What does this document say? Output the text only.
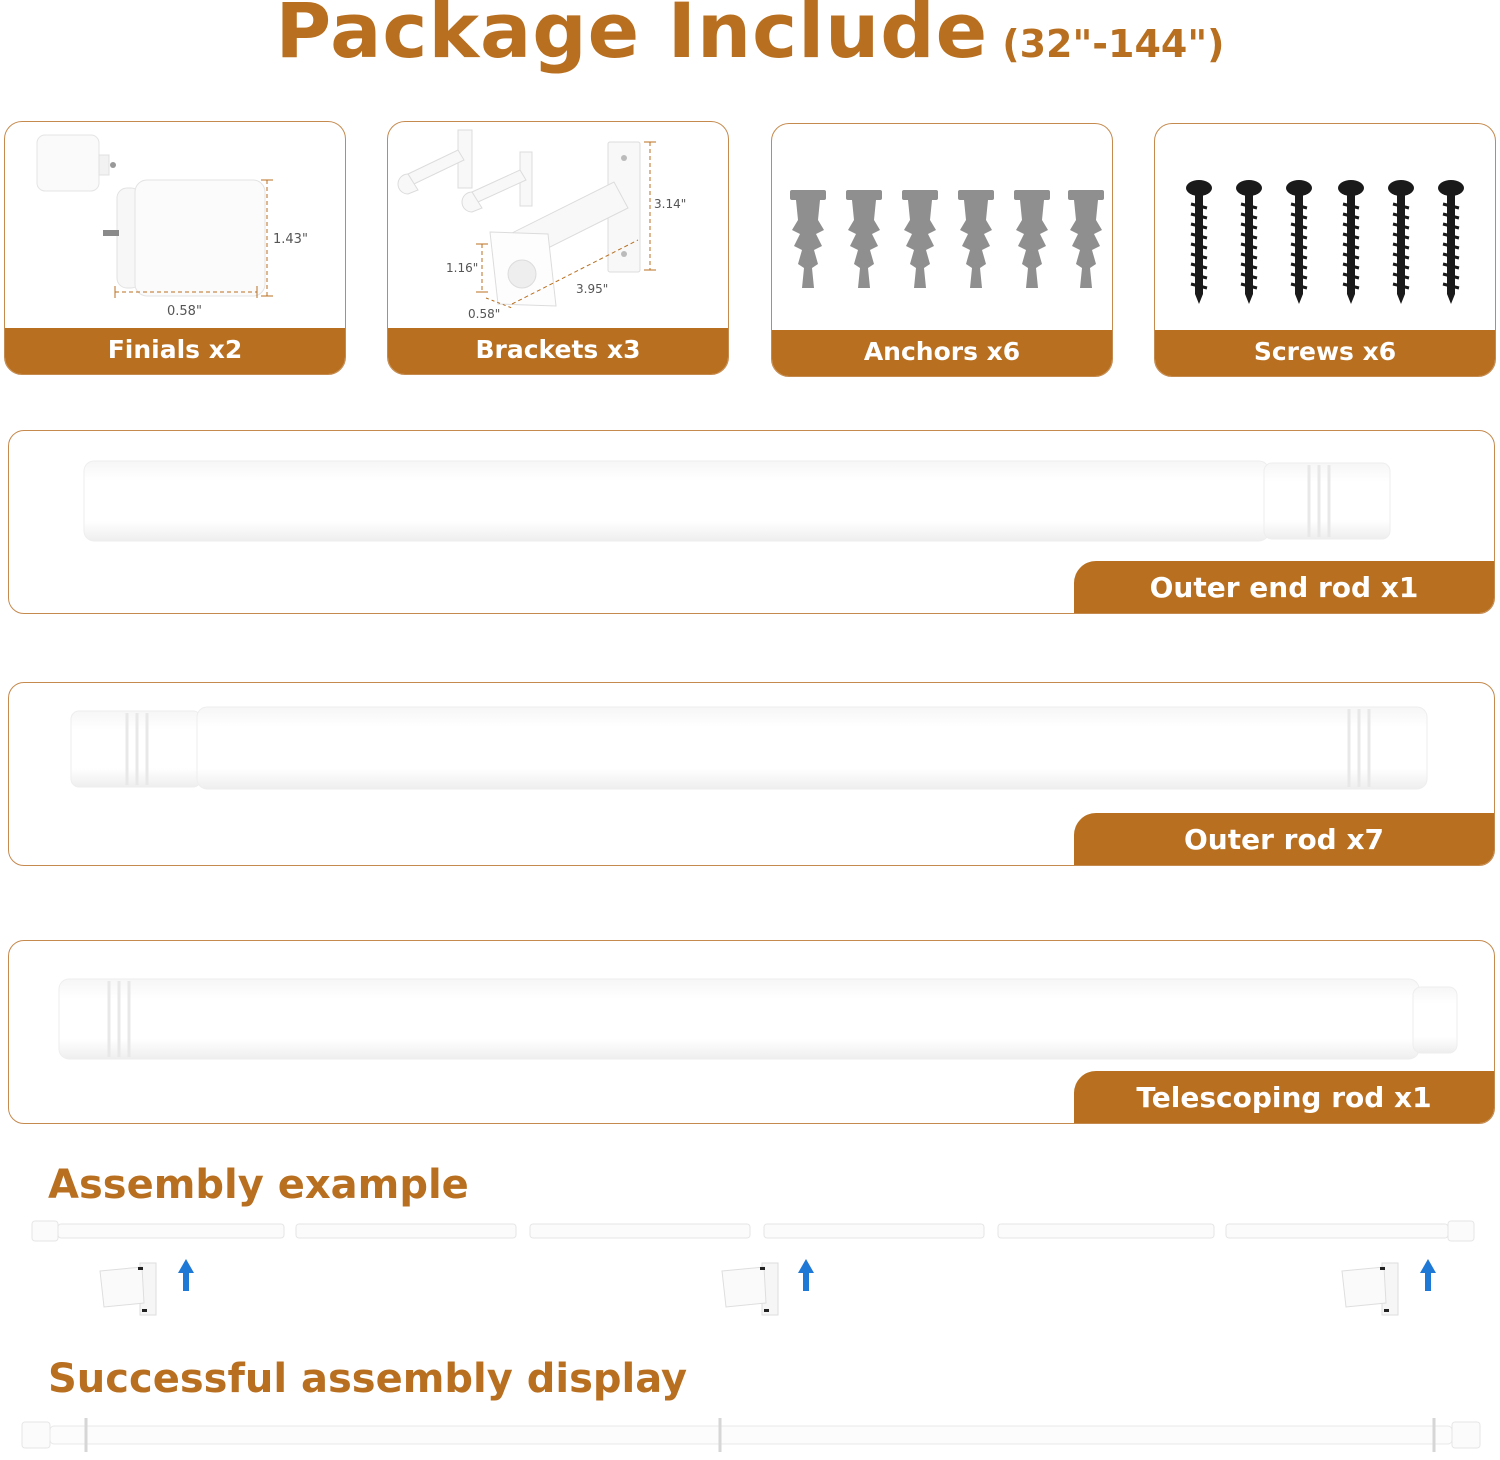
Package Include (32"-144")
1.43"
0.58"
Finials x2
3.14"
3.95"
1.16"
0.58"
Brackets x3	Anchors x6	Screws x6
Outer end rod x1
Outer rod x7
Telescoping rod x1
Assembly example
Successful assembly display
